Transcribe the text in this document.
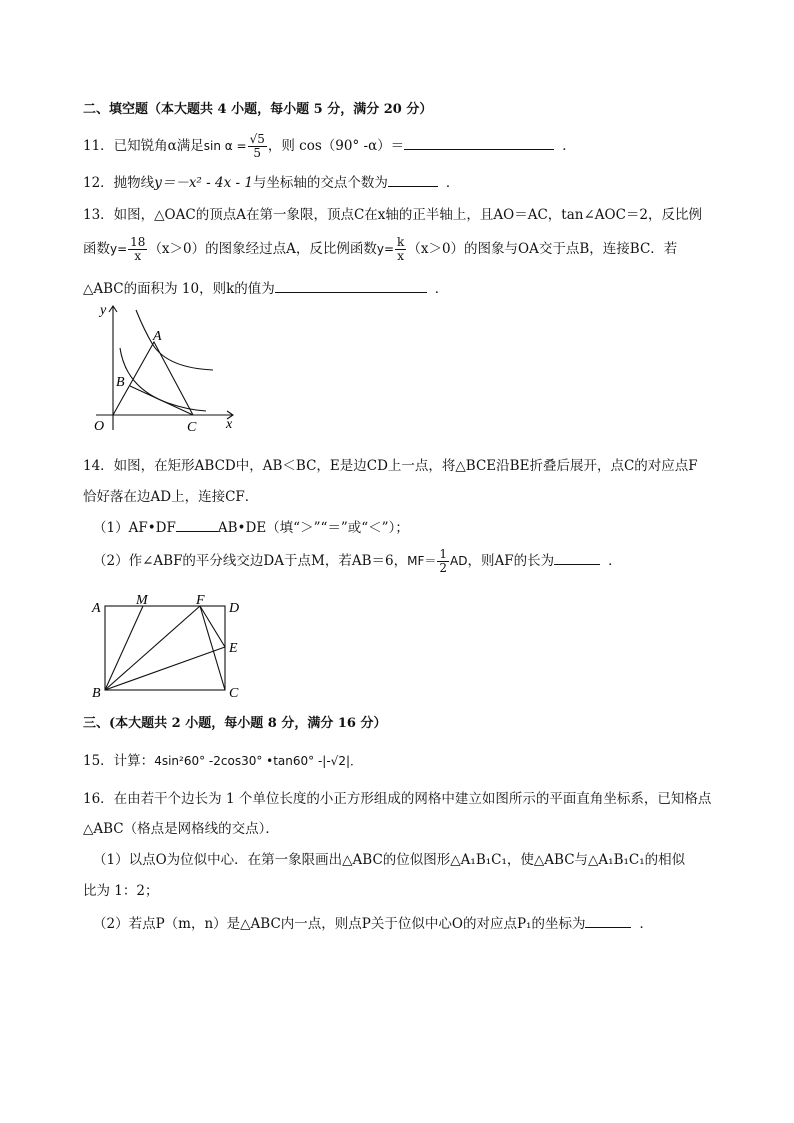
二、填空题（本大题共 4 小题，每小题 5 分，满分 20 分）
11．已知锐角α满足$\sin \alpha = \frac{√5}{5}$ ，则 cos（90° ‐α）＝	．
12．抛物线y＝－x² ‐ 4x ‐ 1与坐标轴的交点个数为	．
13．如图，△OAC的顶点A在第一象限，顶点C在x轴的正半轴上，且AO＝AC，tan∠AOC＝2，反比例
函数$y= \frac{18}{x} (x>0)$的图象经过点A，反比例函数$y= \frac{k}{x} (x>0)$的图象与OA交于点B，连接BC．若
△ABC的面积为 10，则k的值为	．
y
A
B
O	C x
14．如图，在矩形ABCD中，AB＜BC，E是边CD上一点，将△BCE沿BE折叠后展开，点C的对应点F
恰好落在边AD上，连接CF．
（1）AF•DF	AB•DE（填“＞”“＝”或“＜”）；
（2）作∠ABF的平分线交边DA于点M，若AB＝6，$MF= \frac{1}{2}$ AD，则AF的长为	．
A
M	F
D
E
B	C
三、(本大题共 2 小题，每小题 8 分，满分 16 分）
15．计算：4sin²60° ‐2cos30° •tan60° ‐|‐√2|．
16．在由若干个边长为 1 个单位长度的小正方形组成的网格中建立如图所示的平面直角坐标系，已知格点
△ABC（格点是网格线的交点）．
（1）以点O为位似中心．在第一象限画出△ABC的位似图形△A₁B₁C₁，使△ABC与△A₁B₁C₁的相似
比为 1：2；
（2）若点P（m，n）是△ABC内一点，则点P关于位似中心O的对应点P₁的坐标为	．
